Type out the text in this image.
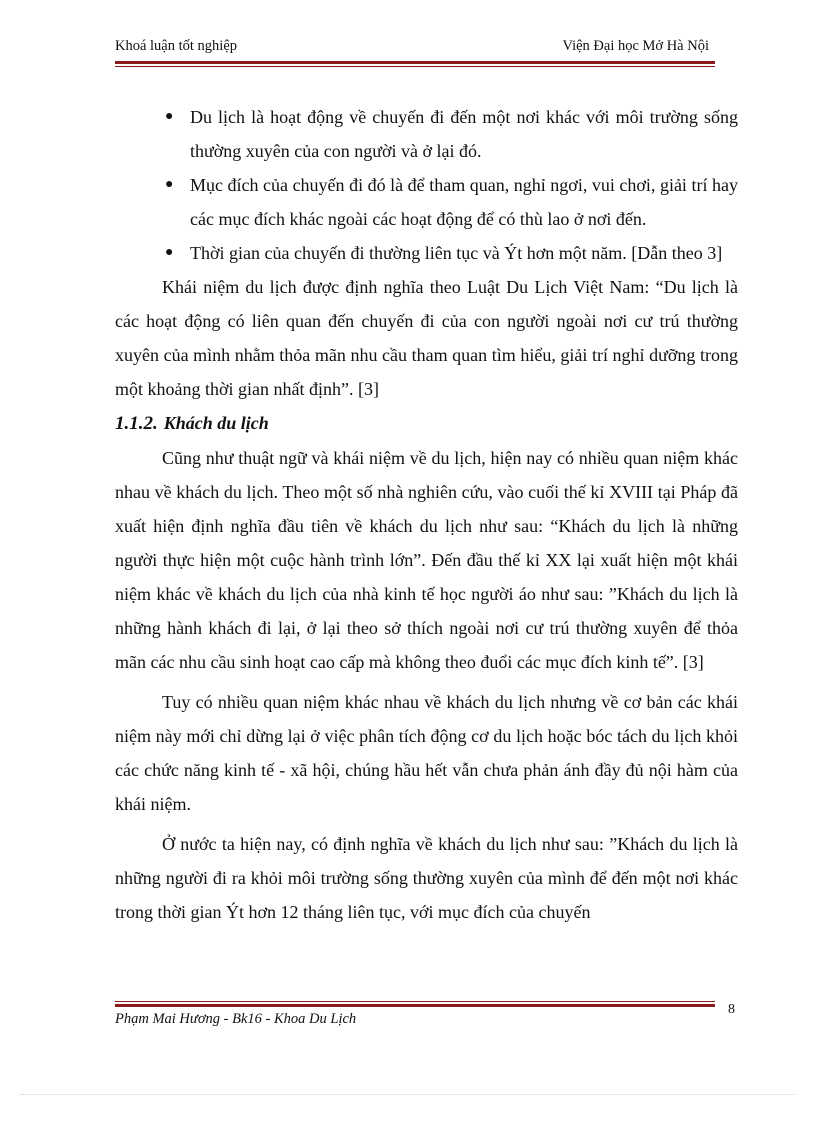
Khoá luận tốt nghiệp	Viện Đại học Mở Hà Nội

● Du lịch là hoạt động về chuyến đi đến một nơi khác với môi trường sống thường xuyên của con người và ở lại đó.

● Mục đích của chuyến đi đó là để tham quan, nghỉ ngơi, vui chơi, giải trí hay các mục đích khác ngoài các hoạt động để có thù lao ở nơi đến.

● Thời gian của chuyến đi thường liên tục và Ýt hơn một năm. [Dẫn theo 3]

Khái niệm du lịch được định nghĩa theo Luật Du Lịch Việt Nam: “Du lịch là các hoạt động có liên quan đến chuyến đi của con người ngoài nơi cư trú thường xuyên của mình nhằm thỏa mãn nhu cầu tham quan tìm hiểu, giải trí nghỉ dưỡng trong một khoảng thời gian nhất định”. [3]

1.1.2. Khách du lịch

Cũng như thuật ngữ và khái niệm về du lịch, hiện nay có nhiều quan niệm khác nhau về khách du lịch. Theo một số nhà nghiên cứu, vào cuối thế kỉ XVIII tại Pháp đã xuất hiện định nghĩa đầu tiên về khách du lịch như sau: “Khách du lịch là những người thực hiện một cuộc hành trình lớn”. Đến đầu thế kỉ XX lại xuất hiện một khái niệm khác về khách du lịch của nhà kinh tế học người áo như sau: ”Khách du lịch là những hành khách đi lại, ở lại theo sở thích ngoài nơi cư trú thường xuyên để thỏa mãn các nhu cầu sinh hoạt cao cấp mà không theo đuổi các mục đích kinh tế”. [3]

Tuy có nhiều quan niệm khác nhau về khách du lịch nhưng về cơ bản các khái niệm này mới chỉ dừng lại ở việc phân tích động cơ du lịch hoặc bóc tách du lịch khỏi các chức năng kinh tế - xã hội, chúng hầu hết vẫn chưa phản ánh đầy đủ nội hàm của khái niệm.

Ở nước ta hiện nay, có định nghĩa về khách du lịch như sau: ”Khách du lịch là những người đi ra khỏi môi trường sống thường xuyên của mình để đến một nơi khác trong thời gian Ýt hơn 12 tháng liên tục, với mục đích của chuyến

8
Phạm Mai Hương - Bk16 - Khoa Du Lịch
